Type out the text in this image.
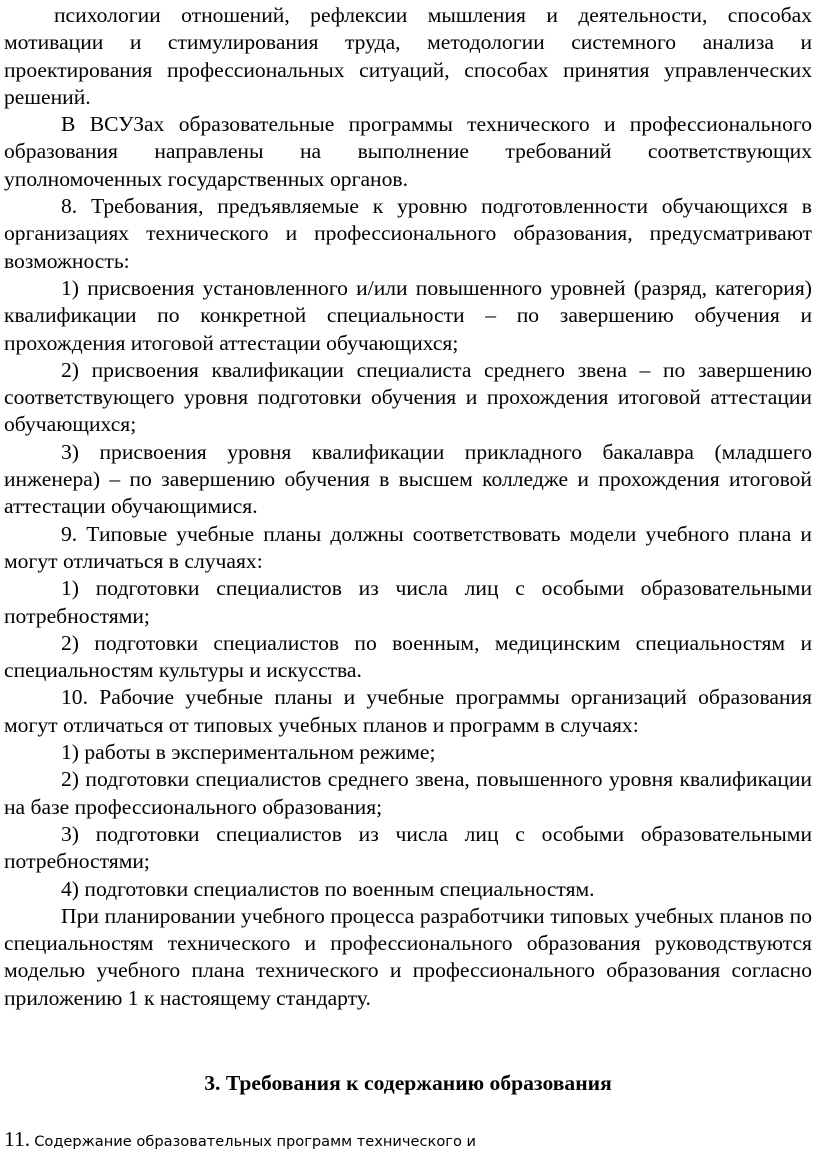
психологии отношений, рефлексии мышления и деятельности, способах мотивации и стимулирования труда, методологии системного анализа и проектирования профессиональных ситуаций, способах принятия управленческих решений.

В ВСУЗах образовательные программы технического и профессионального образования направлены на выполнение требований соответствующих уполномоченных государственных органов.

8. Требования, предъявляемые к уровню подготовленности обучающихся в организациях технического и профессионального образования, предусматривают возможность:

1) присвоения установленного и/или повышенного уровней (разряд, категория) квалификации по конкретной специальности – по завершению обучения и прохождения итоговой аттестации обучающихся;

2) присвоения квалификации специалиста среднего звена – по завершению соответствующего уровня подготовки обучения и прохождения итоговой аттестации обучающихся;

3) присвоения уровня квалификации прикладного бакалавра (младшего инженера) – по завершению обучения в высшем колледже и прохождения итоговой аттестации обучающимися.

9. Типовые учебные планы должны соответствовать модели учебного плана и могут отличаться в случаях:

1) подготовки специалистов из числа лиц с особыми образовательными потребностями;

2) подготовки специалистов по военным, медицинским специальностям и специальностям культуры и искусства.

10. Рабочие учебные планы и учебные программы организаций образования могут отличаться от типовых учебных планов и программ в случаях:

1) работы в экспериментальном режиме;

2) подготовки специалистов среднего звена, повышенного уровня квалификации на базе профессионального образования;

3) подготовки специалистов из числа лиц с особыми образовательными потребностями;

4) подготовки специалистов по военным специальностям.

При планировании учебного процесса разработчики типовых учебных планов по специальностям технического и профессионального образования руководствуются моделью учебного плана технического и профессионального образования согласно приложению 1 к настоящему стандарту.

3. Требования к содержанию образования
11. Содержание образовательных программ технического и
